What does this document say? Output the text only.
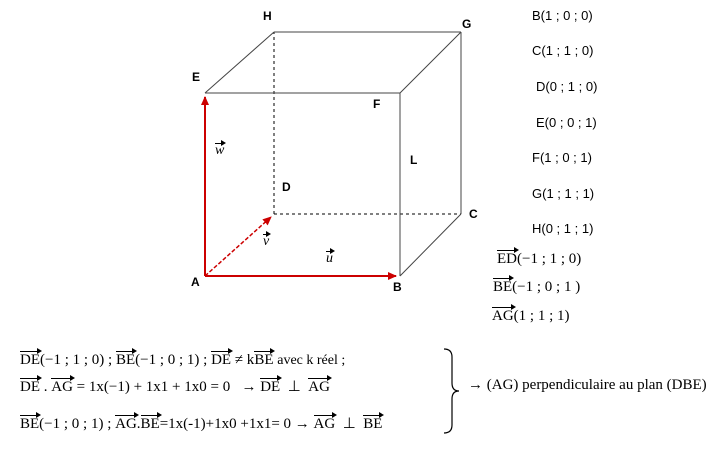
H
G
E
F
L
D
C
A	B
w
v
u
B(1 ; 0 ; 0)
C(1 ; 1 ; 0)
D(0 ; 1 ; 0)
E(0 ; 0 ; 1)
F(1 ; 0 ; 1)
G(1 ; 1 ; 1)
H(0 ; 1 ; 1)
ED(−1 ; 1 ; 0)
BE(−1 ; 0 ; 1 )
AG(1 ; 1 ; 1)
DE(−1 ; 1 ; 0) ; BE(−1 ; 0 ; 1) ; DE ≠ kBE avec k réel ;
DE . AG = 1x(−1) + 1x1 + 1x0 = 0 → DE ⊥ AG
BE(−1 ; 0 ; 1) ; AG.BE=1x(-1)+1x0 +1x1= 0 → AG ⊥ BE
→ (AG) perpendiculaire au plan (DBE)
